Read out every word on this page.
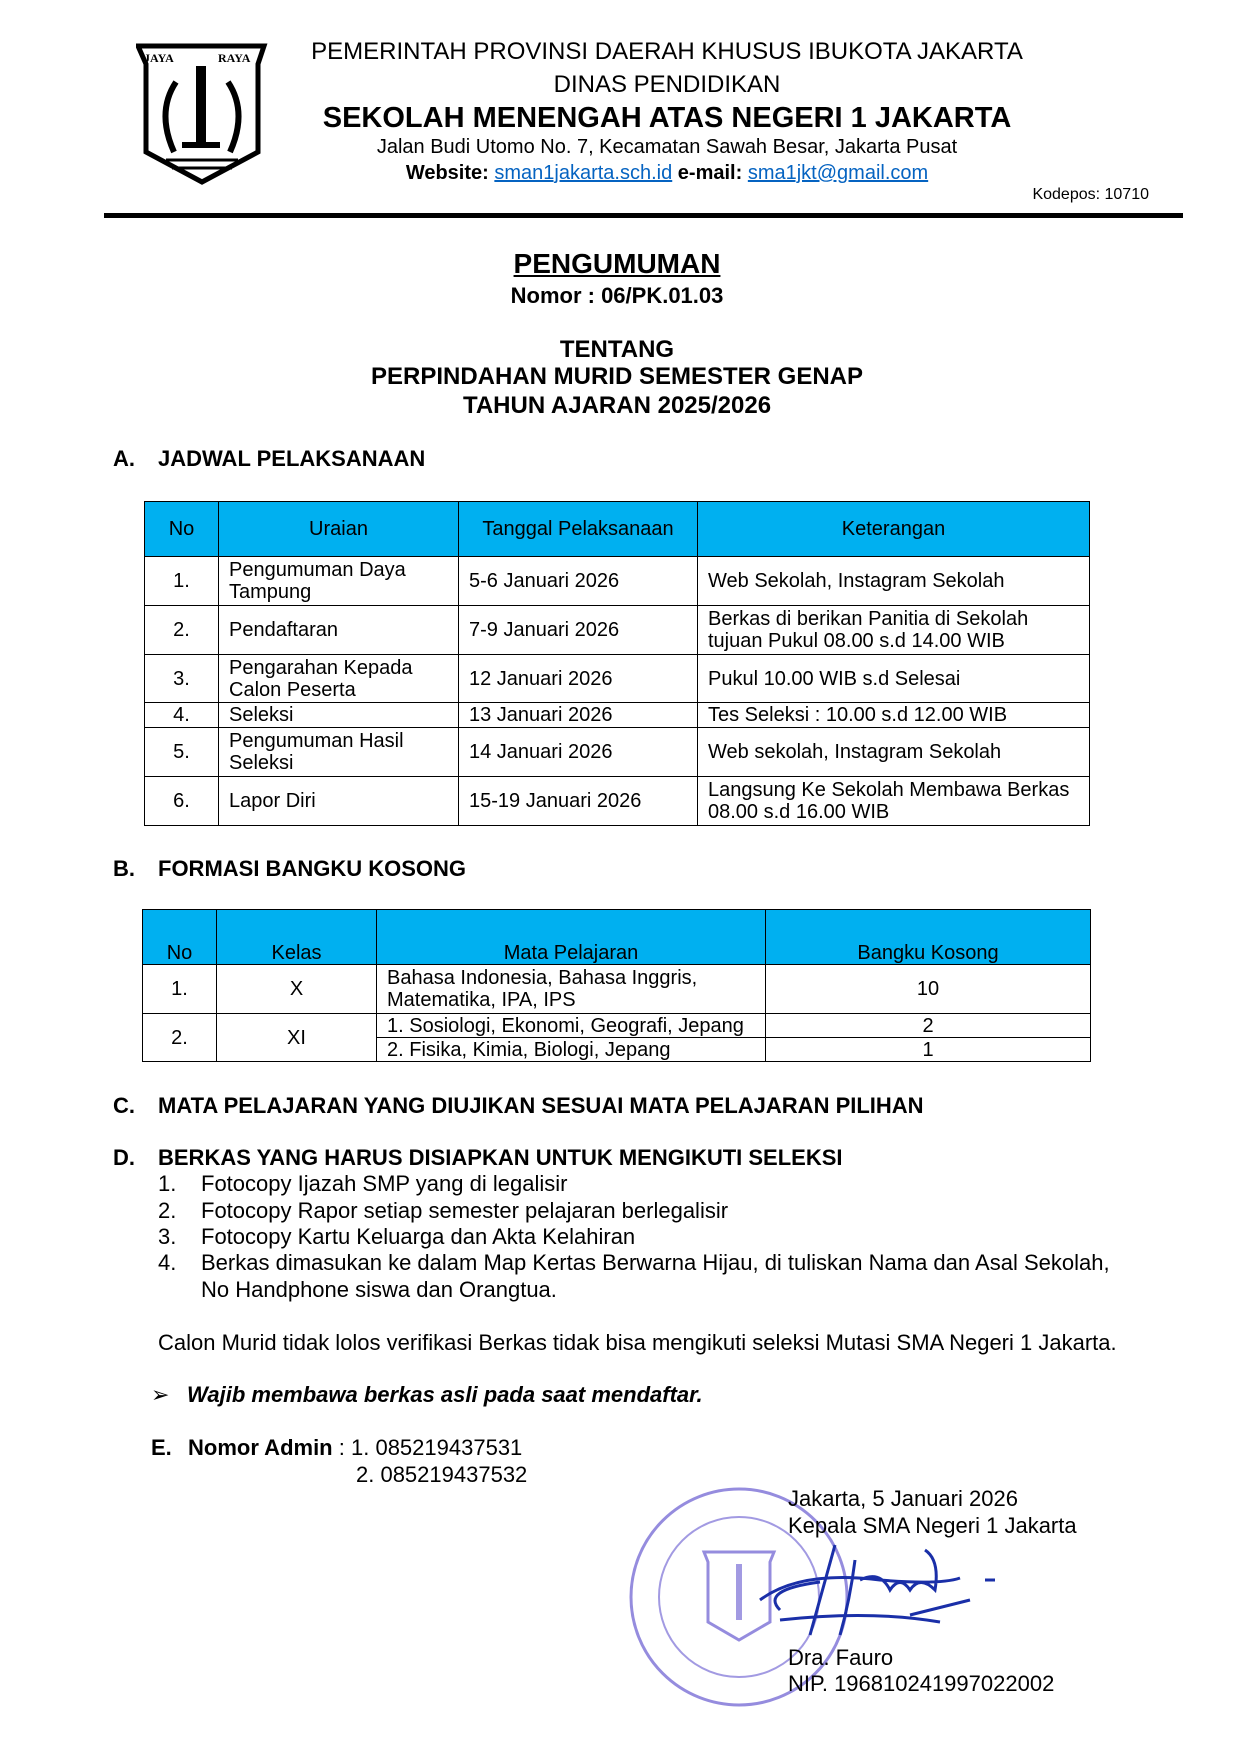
JAYA	RAYA	PEMERINTAH PROVINSI DAERAH KHUSUS IBUKOTA JAKARTA
DINAS PENDIDIKAN
SEKOLAH MENENGAH ATAS NEGERI 1 JAKARTA
Jalan Budi Utomo No. 7, Kecamatan Sawah Besar, Jakarta Pusat
Website: sman1jakarta.sch.id e-mail: sma1jkt@gmail.com
Kodepos: 10710
PENGUMUMAN
Nomor : 06/PK.01.03
TENTANG
PERPINDAHAN MURID SEMESTER GENAP
TAHUN AJARAN 2025/2026
A. JADWAL PELAKSANAAN
No	Uraian	Tanggal Pelaksanaan	Keterangan
1.	Pengumuman Daya Tampung	5-6 Januari 2026	Web Sekolah, Instagram Sekolah
2.	Pendaftaran	7-9 Januari 2026	Berkas di berikan Panitia di Sekolah tujuan Pukul 08.00 s.d 14.00 WIB
3.	Pengarahan Kepada Calon Peserta	12 Januari 2026	Pukul 10.00 WIB s.d Selesai
4.	Seleksi	13 Januari 2026	Tes Seleksi : 10.00 s.d 12.00 WIB
5.	Pengumuman Hasil Seleksi	14 Januari 2026	Web sekolah, Instagram Sekolah
6.	Lapor Diri	15-19 Januari 2026	Langsung Ke Sekolah Membawa Berkas 08.00 s.d 16.00 WIB
B. FORMASI BANGKU KOSONG
No	Kelas	Mata Pelajaran	Bangku Kosong
1.	X	Bahasa Indonesia, Bahasa Inggris, Matematika, IPA, IPS	10
2.	XI	1. Sosiologi, Ekonomi, Geografi, Jepang	2
		2. Fisika, Kimia, Biologi, Jepang	1
C. MATA PELAJARAN YANG DIUJIKAN SESUAI MATA PELAJARAN PILIHAN
D. BERKAS YANG HARUS DISIAPKAN UNTUK MENGIKUTI SELEKSI
1. Fotocopy Ijazah SMP yang di legalisir
2. Fotocopy Rapor setiap semester pelajaran berlegalisir
3. Fotocopy Kartu Keluarga dan Akta Kelahiran
4. Berkas dimasukan ke dalam Map Kertas Berwarna Hijau, di tuliskan Nama dan Asal Sekolah,
No Handphone siswa dan Orangtua.
Calon Murid tidak lolos verifikasi Berkas tidak bisa mengikuti seleksi Mutasi SMA Negeri 1 Jakarta.
➢ Wajib membawa berkas asli pada saat mendaftar.
E. Nomor Admin : 1. 085219437531
2. 085219437532
Jakarta, 5 Januari 2026
Kepala SMA Negeri 1 Jakarta
Dra. Fauro
NIP. 196810241997022002
